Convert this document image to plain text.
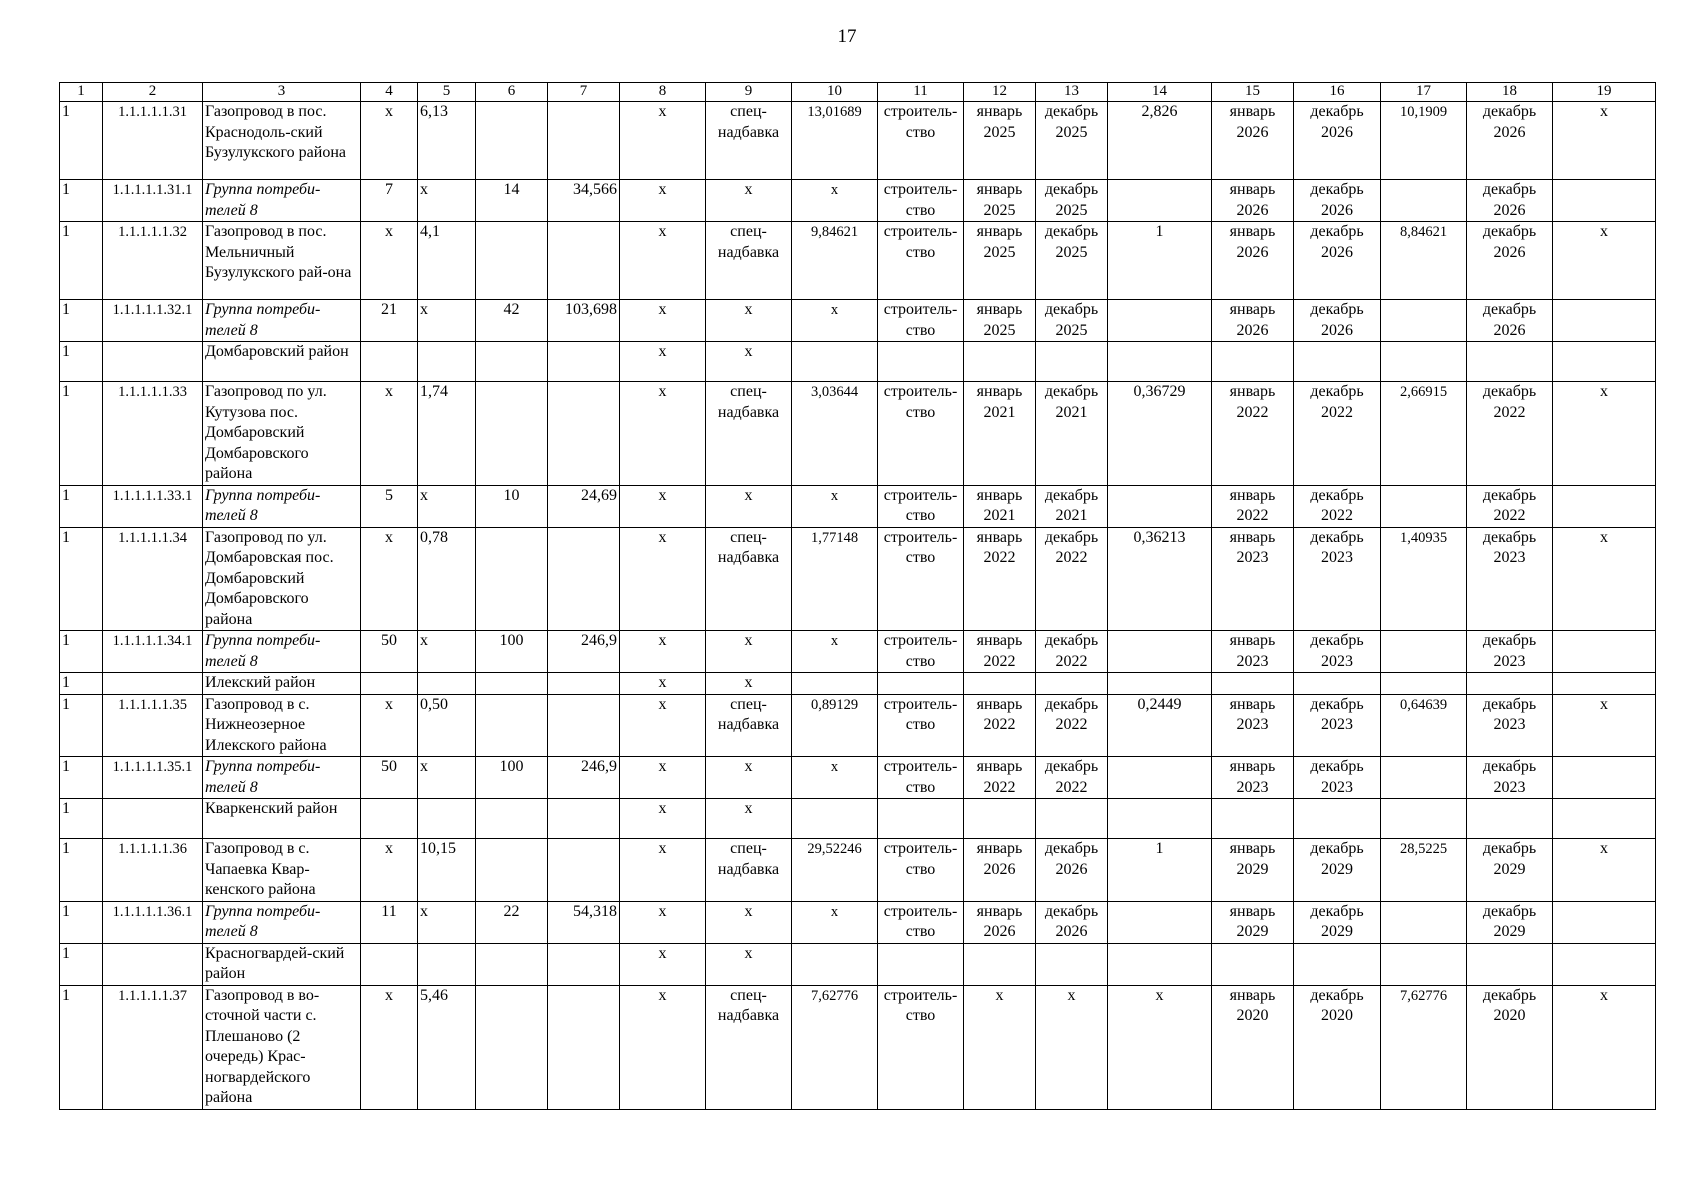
17
1	2	3	4	5	6	7	8	9	10	11	12	13	14	15	16	17	18	19
1	1.1.1.1.1.31	Газопровод в пос. Краснодоль-ский Бузулукского района	x	6,13			x	спец-надбавка	13,01689	строитель-ство	январь 2025	декабрь 2025	2,826	январь 2026	декабрь 2026	10,1909	декабрь 2026	x
1	1.1.1.1.1.31.1	Группа потреби-телей 8	7	x	14	34,566	x	x	x	строитель-ство	январь 2025	декабрь 2025		январь 2026	декабрь 2026		декабрь 2026	
1	1.1.1.1.1.32	Газопровод в пос. Мельничный Бузулукского рай-она	x	4,1			x	спец-надбавка	9,84621	строитель-ство	январь 2025	декабрь 2025	1	январь 2026	декабрь 2026	8,84621	декабрь 2026	x
1	1.1.1.1.1.32.1	Группа потреби-телей 8	21	x	42	103,698	x	x	x	строитель-ство	январь 2025	декабрь 2025		январь 2026	декабрь 2026		декабрь 2026	
1		Домбаровский район					x	x										
1	1.1.1.1.1.33	Газопровод по ул. Кутузова пос. Домбаровский Домбаровского района	x	1,74			x	спец-надбавка	3,03644	строитель-ство	январь 2021	декабрь 2021	0,36729	январь 2022	декабрь 2022	2,66915	декабрь 2022	x
1	1.1.1.1.1.33.1	Группа потреби-телей 8	5	x	10	24,69	x	x	x	строитель-ство	январь 2021	декабрь 2021		январь 2022	декабрь 2022		декабрь 2022	
1	1.1.1.1.1.34	Газопровод по ул. Домбаровская пос. Домбаровский Домбаровского района	x	0,78			x	спец-надбавка	1,77148	строитель-ство	январь 2022	декабрь 2022	0,36213	январь 2023	декабрь 2023	1,40935	декабрь 2023	x
1	1.1.1.1.1.34.1	Группа потреби-телей 8	50	x	100	246,9	x	x	x	строитель-ство	январь 2022	декабрь 2022		январь 2023	декабрь 2023		декабрь 2023	
1		Илекский район					x	x										
1	1.1.1.1.1.35	Газопровод в с. Нижнеозерное Илекского района	x	0,50			x	спец-надбавка	0,89129	строитель-ство	январь 2022	декабрь 2022	0,2449	январь 2023	декабрь 2023	0,64639	декабрь 2023	x
1	1.1.1.1.1.35.1	Группа потреби-телей 8	50	x	100	246,9	x	x	x	строитель-ство	январь 2022	декабрь 2022		январь 2023	декабрь 2023		декабрь 2023	
1		Кваркенский район					x	x										
1	1.1.1.1.1.36	Газопровод в с. Чапаевка Квар-кенского района	x	10,15			x	спец-надбавка	29,52246	строитель-ство	январь 2026	декабрь 2026	1	январь 2029	декабрь 2029	28,5225	декабрь 2029	x
1	1.1.1.1.1.36.1	Группа потреби-телей 8	11	x	22	54,318	x	x	x	строитель-ство	январь 2026	декабрь 2026		январь 2029	декабрь 2029		декабрь 2029	
1		Красногвардей-ский район					x	x										
1	1.1.1.1.1.37	Газопровод в во-сточной части с. Плешаново (2 очередь) Крас-ногвардейского района	x	5,46			x	спец-надбавка	7,62776	строитель-ство	x	x	x	январь 2020	декабрь 2020	7,62776	декабрь 2020	x
